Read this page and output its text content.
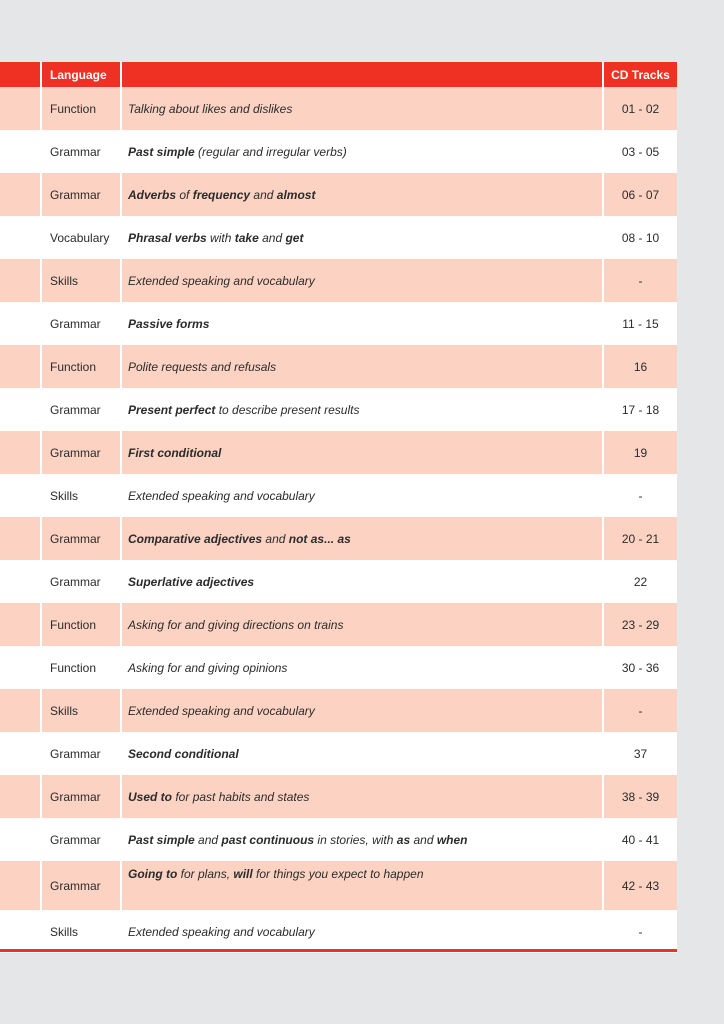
	Language		CD Tracks
	Function	Talking about likes and dislikes	01 - 02
	Grammar	Past simple (regular and irregular verbs)	03 - 05
	Grammar	Adverbs of frequency and almost	06 - 07
	Vocabulary	Phrasal verbs with take and get	08 - 10
	Skills	Extended speaking and vocabulary	-
	Grammar	Passive forms	11 - 15
	Function	Polite requests and refusals	16
	Grammar	Present perfect to describe present results	17 - 18
	Grammar	First conditional	19
	Skills	Extended speaking and vocabulary	-
	Grammar	Comparative adjectives and not as... as	20 - 21
	Grammar	Superlative adjectives	22
	Function	Asking for and giving directions on trains	23 - 29
	Function	Asking for and giving opinions	30 - 36
	Skills	Extended speaking and vocabulary	-
	Grammar	Second conditional	37
	Grammar	Used to for past habits and states	38 - 39
	Grammar	Past simple and past continuous in stories, with as and when	40 - 41
	Grammar	Going to for plans, will for things you expect to happen	42 - 43
	Skills	Extended speaking and vocabulary	-
